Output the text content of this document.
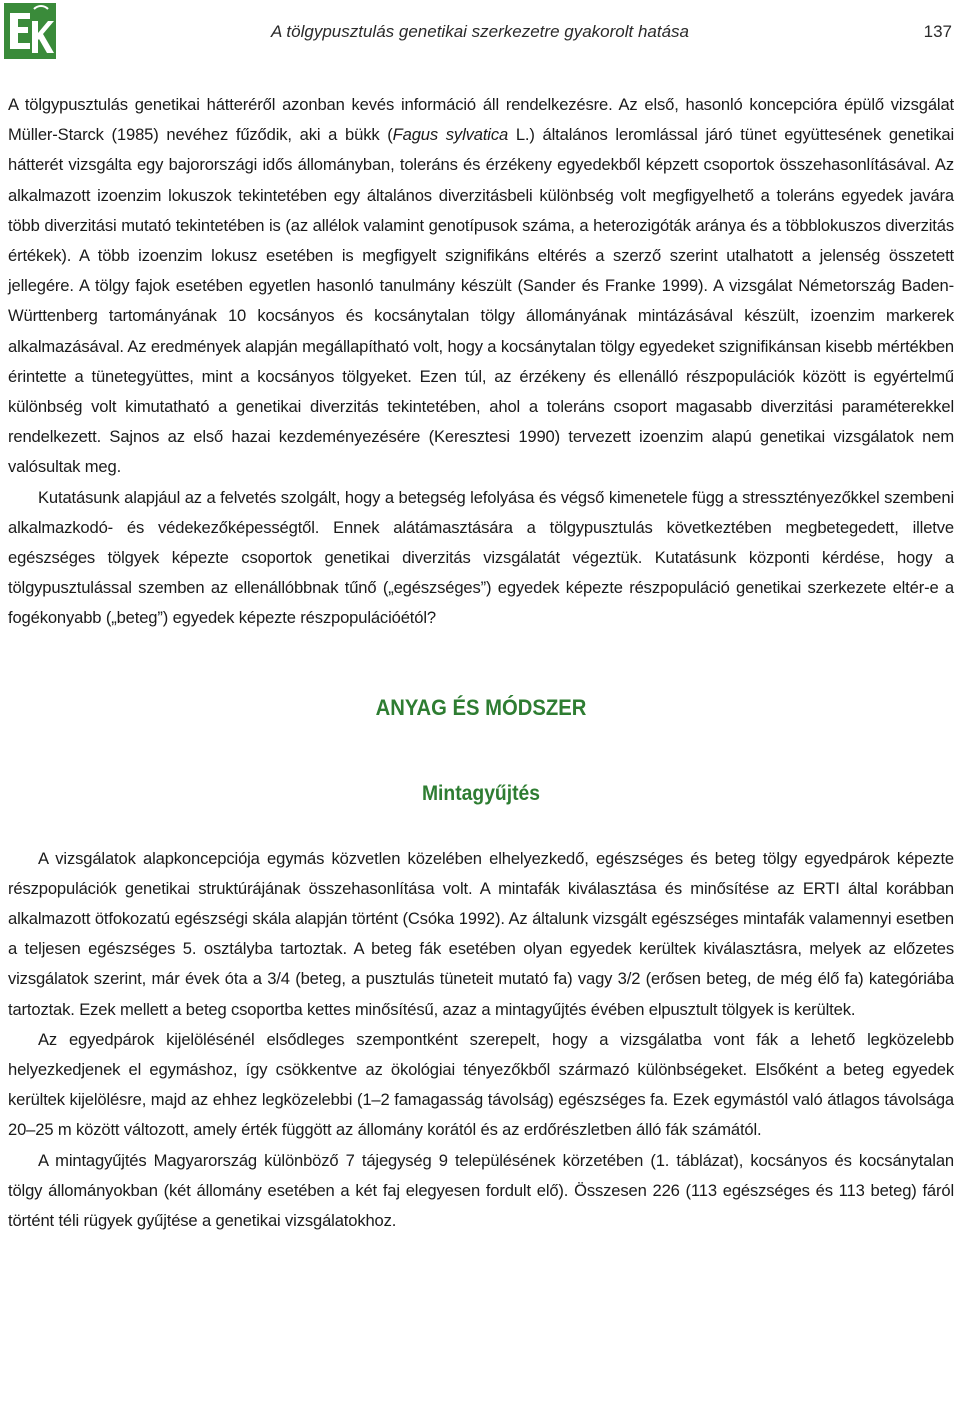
A tölgypusztulás genetikai szerkezetre gyakorolt hatása	137

A tölgypusztulás genetikai hátteréről azonban kevés információ áll rendelkezésre. Az első, hasonló koncepcióra épülő vizsgálat Müller-Starck (1985) nevéhez fűződik, aki a bükk (Fagus sylvatica L.) általános leromlással járó tünet együttesének genetikai hátterét vizsgálta egy bajorországi idős állományban, toleráns és érzékeny egyedekből képzett csoportok összehasonlításával. Az alkalmazott izoenzim lokuszok tekintetében egy általános diverzitásbeli különbség volt megfigyelhető a toleráns egyedek javára több diverzitási mutató tekintetében is (az allélok valamint genotípusok száma, a heterozigóták aránya és a többlokuszos diverzitás értékek). A több izoenzim lokusz esetében is megfigyelt szignifikáns eltérés a szerző szerint utalhatott a jelenség összetett jellegére. A tölgy fajok esetében egyetlen hasonló tanulmány készült (Sander és Franke 1999). A vizsgálat Németország Baden-Württenberg tartományának 10 kocsányos és kocsánytalan tölgy állományának mintázásával készült, izoenzim markerek alkalmazásával. Az eredmények alapján megállapítható volt, hogy a kocsánytalan tölgy egyedeket szignifikánsan kisebb mértékben érintette a tünetegyüttes, mint a kocsányos tölgyeket. Ezen túl, az érzékeny és ellenálló részpopulációk között is egyértelmű különbség volt kimutatható a genetikai diverzitás tekintetében, ahol a toleráns csoport magasabb diverzitási paraméterekkel rendelkezett. Sajnos az első hazai kezdeményezésére (Keresztesi 1990) tervezett izoenzim alapú genetikai vizsgálatok nem valósultak meg.

Kutatásunk alapjául az a felvetés szolgált, hogy a betegség lefolyása és végső kimenetele függ a stressztényezőkkel szembeni alkalmazkodó- és védekezőképességtől. Ennek alátámasztására a tölgypusztulás következtében megbetegedett, illetve egészséges tölgyek képezte csoportok genetikai diverzitás vizsgálatát végeztük. Kutatásunk központi kérdése, hogy a tölgypusztulással szemben az ellenállóbbnak tűnő („egészséges”) egyedek képezte részpopuláció genetikai szerkezete eltér-e a fogékonyabb („beteg”) egyedek képezte részpopulációétól?

ANYAG ÉS MÓDSZER
Mintagyűjtés

A vizsgálatok alapkoncepciója egymás közvetlen közelében elhelyezkedő, egészséges és beteg tölgy egyedpárok képezte részpopulációk genetikai struktúrájának összehasonlítása volt. A mintafák kiválasztása és minősítése az ERTI által korábban alkalmazott ötfokozatú egészségi skála alapján történt (Csóka 1992). Az általunk vizsgált egészséges mintafák valamennyi esetben a teljesen egészséges 5. osztályba tartoztak. A beteg fák esetében olyan egyedek kerültek kiválasztásra, melyek az előzetes vizsgálatok szerint, már évek óta a 3/4 (beteg, a pusztulás tüneteit mutató fa) vagy 3/2 (erősen beteg, de még élő fa) kategóriába tartoztak. Ezek mellett a beteg csoportba kettes minősítésű, azaz a mintagyűjtés évében elpusztult tölgyek is kerültek.

Az egyedpárok kijelölésénél elsődleges szempontként szerepelt, hogy a vizsgálatba vont fák a lehető legközelebb helyezkedjenek el egymáshoz, így csökkentve az ökológiai tényezőkből származó különbségeket. Elsőként a beteg egyedek kerültek kijelölésre, majd az ehhez legközelebbi (1–2 famagasság távolság) egészséges fa. Ezek egymástól való átlagos távolsága 20–25 m között változott, amely érték függött az állomány korától és az erdőrészletben álló fák számától.

A mintagyűjtés Magyarország különböző 7 tájegység 9 településének körzetében (1. táblázat), kocsányos és kocsánytalan tölgy állományokban (két állomány esetében a két faj elegyesen fordult elő). Összesen 226 (113 egészséges és 113 beteg) fáról történt téli rügyek gyűjtése a genetikai vizsgálatokhoz.
